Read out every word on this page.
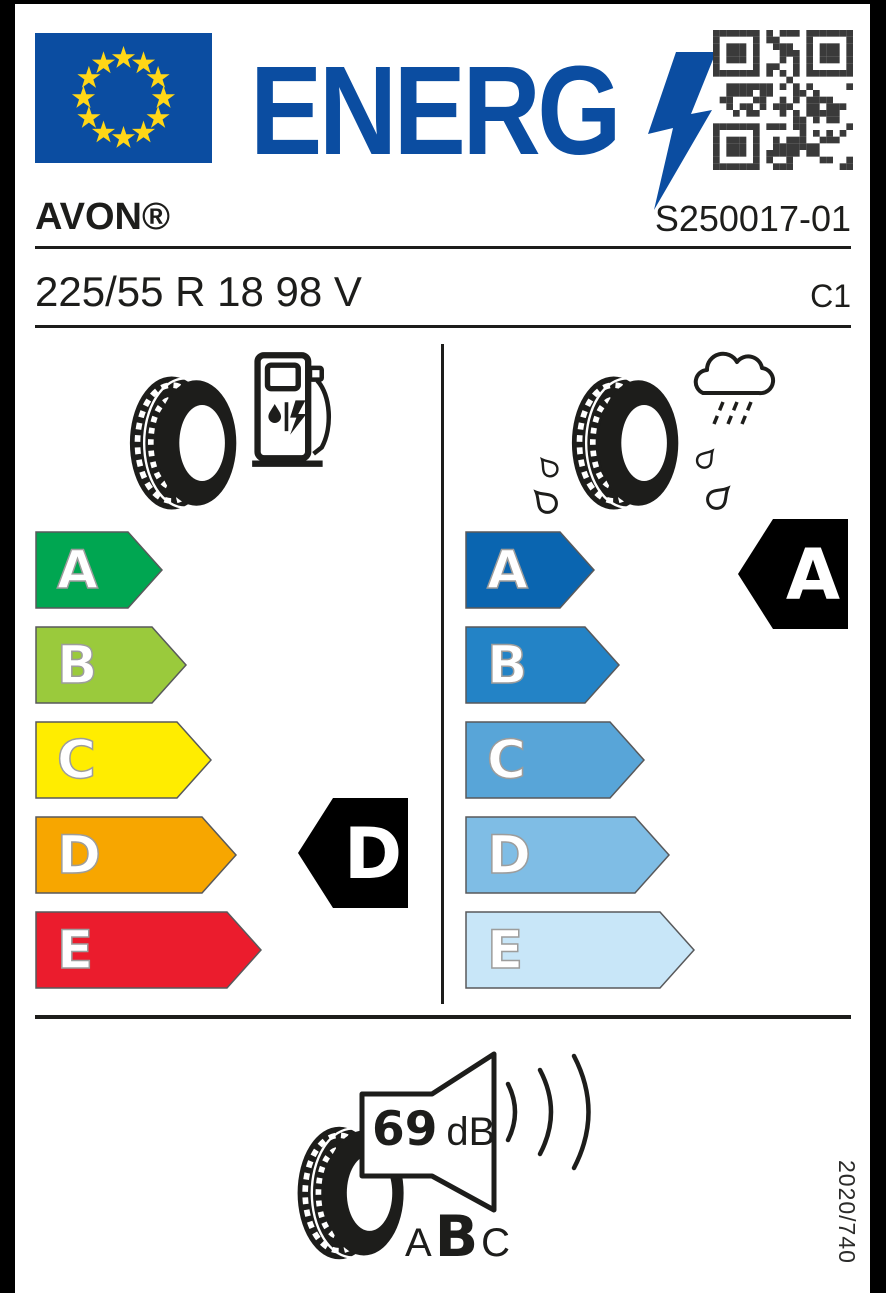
ENERG
AVON®	S250017-01
225/55 R 18 98 V	C1
A
B
C
D
E
D
A
B
C
D
E
A
69 dB
A B C	2020/740
